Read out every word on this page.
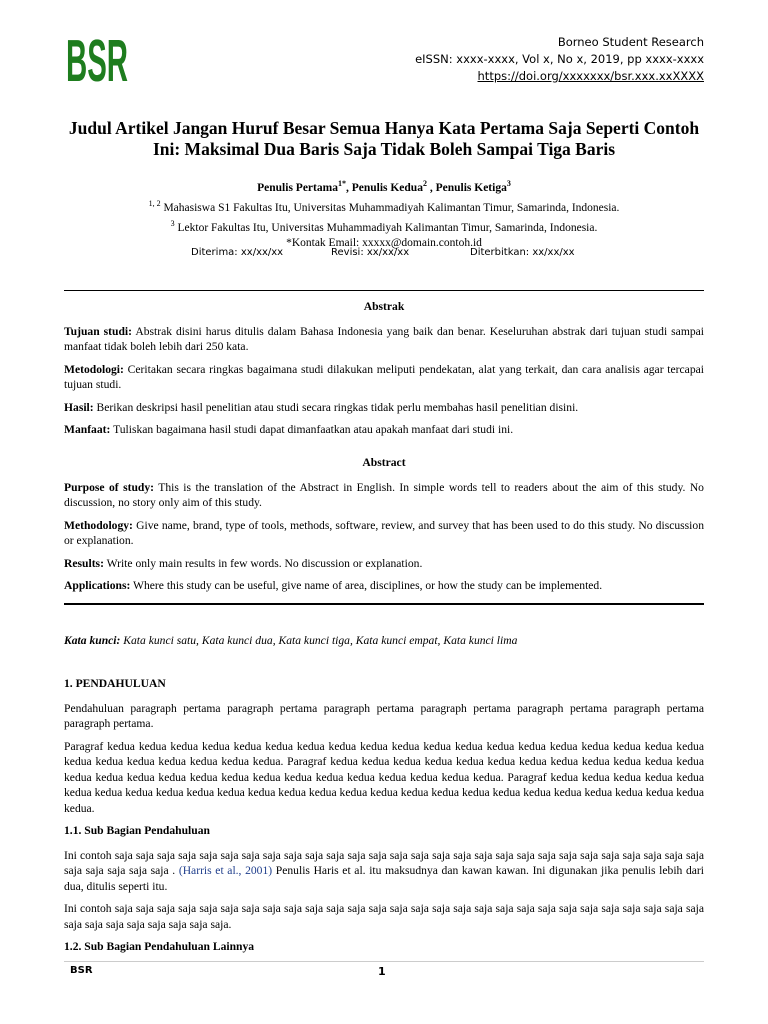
BSR	Borneo Student Research
eISSN: xxxx-xxxx, Vol x, No x, 2019, pp xxxx-xxxx
https://doi.org/xxxxxxx/bsr.xxx.xxXXXX
Judul Artikel Jangan Huruf Besar Semua Hanya Kata Pertama Saja Seperti Contoh Ini: Maksimal Dua Baris Saja Tidak Boleh Sampai Tiga Baris
Penulis Pertama$^{1*}$, Penulis Kedua$^2$ , Penulis Ketiga$^3$
$^{1, 2}$ Mahasiswa S1 Fakultas Itu, Universitas Muhammadiyah Kalimantan Timur, Samarinda, Indonesia.
$^3$ Lektor Fakultas Itu, Universitas Muhammadiyah Kalimantan Timur, Samarinda, Indonesia.
*Kontak Email: xxxxx@domain.contoh.id
Diterima: xx/xx/xx	Revisi: xx/xx/xx	Diterbitkan: xx/xx/xx
Abstrak

Tujuan studi: Abstrak disini harus ditulis dalam Bahasa Indonesia yang baik dan benar. Keseluruhan abstrak dari tujuan studi sampai manfaat tidak boleh lebih dari 250 kata.

Metodologi: Ceritakan secara ringkas bagaimana studi dilakukan meliputi pendekatan, alat yang terkait, dan cara analisis agar tercapai tujuan studi.

Hasil: Berikan deskripsi hasil penelitian atau studi secara ringkas tidak perlu membahas hasil penelitian disini.

Manfaat: Tuliskan bagaimana hasil studi dapat dimanfaatkan atau apakah manfaat dari studi ini.

Abstract

Purpose of study: This is the translation of the Abstract in English. In simple words tell to readers about the aim of this study. No discussion, no story only aim of this study.

Methodology: Give name, brand, type of tools, methods, software, review, and survey that has been used to do this study. No discussion or explanation.

Results: Write only main results in few words. No discussion or explanation.

Applications: Where this study can be useful, give name of area, disciplines, or how the study can be implemented.

Kata kunci: Kata kunci satu, Kata kunci dua, Kata kunci tiga, Kata kunci empat, Kata kunci lima
1. PENDAHULUAN

Pendahuluan paragraph pertama paragraph pertama paragraph pertama paragraph pertama paragraph pertama paragraph pertama paragraph pertama.

Paragraf kedua kedua kedua kedua kedua kedua kedua kedua kedua kedua kedua kedua kedua kedua kedua kedua kedua kedua kedua kedua kedua kedua kedua kedua kedua kedua. Paragraf kedua kedua kedua kedua kedua kedua kedua kedua kedua kedua kedua kedua kedua kedua kedua kedua kedua kedua kedua kedua kedua kedua kedua kedua kedua kedua. Paragraf kedua kedua kedua kedua kedua kedua kedua kedua kedua kedua kedua kedua kedua kedua kedua kedua kedua kedua kedua kedua kedua kedua kedua kedua kedua kedua kedua.

1.1. Sub Bagian Pendahuluan

Ini contoh saja saja saja saja saja saja saja saja saja saja saja saja saja saja saja saja saja saja saja saja saja saja saja saja saja saja saja saja saja saja saja saja saja . (Harris et al., 2001) Penulis Haris et al. itu maksudnya dan kawan kawan. Ini digunakan jika penulis lebih dari dua, ditulis seperti itu.

Ini contoh saja saja saja saja saja saja saja saja saja saja saja saja saja saja saja saja saja saja saja saja saja saja saja saja saja saja saja saja saja saja saja saja saja saja saja saja.

1.2. Sub Bagian Pendahuluan Lainnya
BSR	1
